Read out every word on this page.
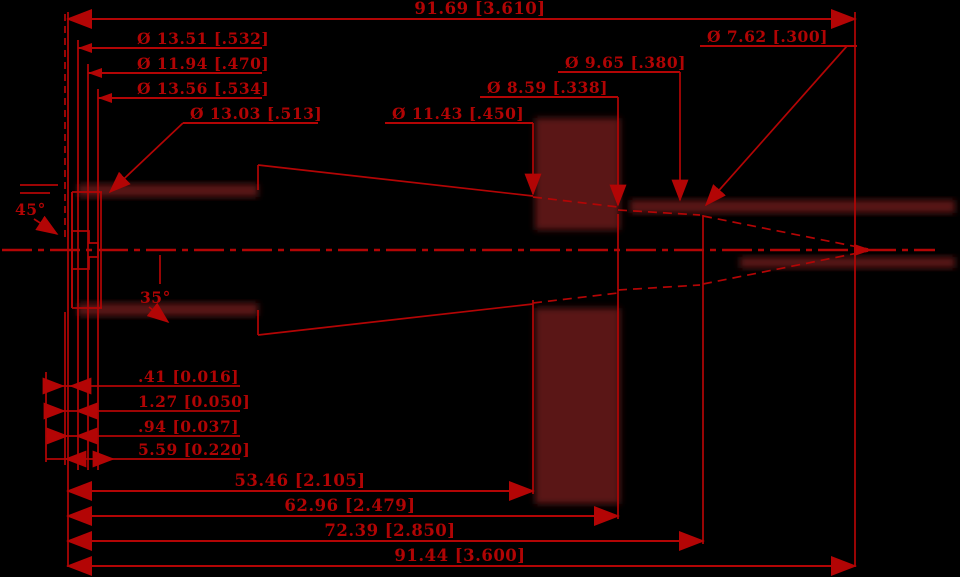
91.69 [3.610]
Ø 13.51 [.532]
Ø 11.94 [.470]
Ø 13.56 [.534]
Ø 13.03 [.513]	Ø 11.43 [.450]
Ø 8.59 [.338]
Ø 9.65 [.380]
Ø 7.62 [.300]
45°
35°
.41 [0.016]
1.27 [0.050]
.94 [0.037]
5.59 [0.220]
53.46 [2.105]
62.96 [2.479]
72.39 [2.850]
91.44 [3.600]
